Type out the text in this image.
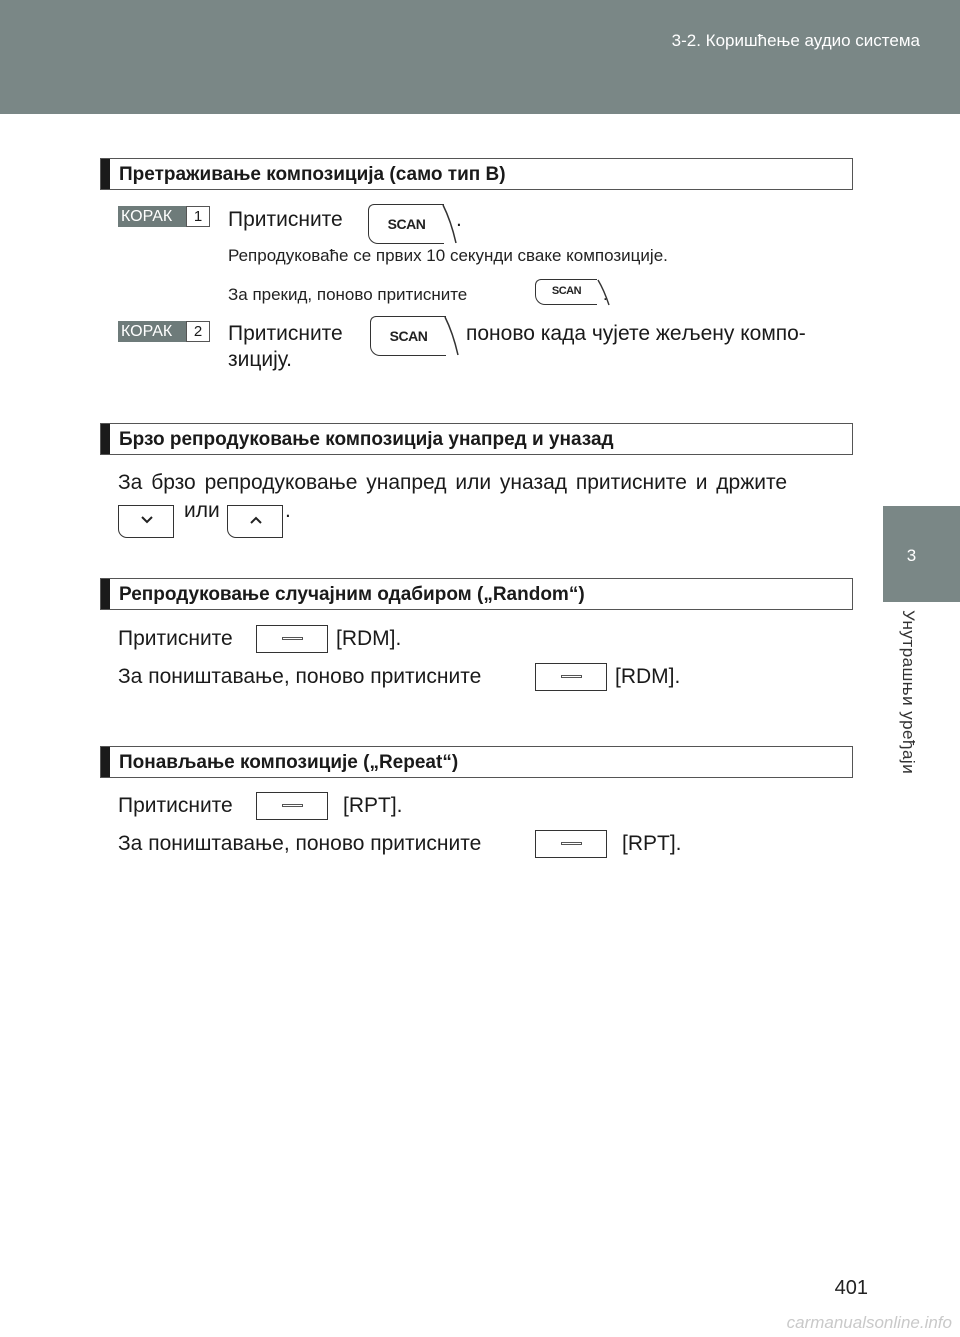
3-2. Коришћење аудио система
3
Унутрашњи уређаји
Претраживање композиција (само тип B)
КОРАК	1	Притисните	SCAN	.
Репродуковаће се првих 10 секунди сваке композиције.
За прекид, поново притисните	SCAN	.
КОРАК	2	Притисните	SCAN	поново када чујете жељену компо-
зицију.
Брзо репродуковање композиција унапред и уназад
За брзо репродуковање унапред или уназад притисните и држите
или	.
Репродуковање случајним одабиром („Random“)
Притисните	[RDM].
За поништавање, поново притисните	[RDM].
Понављање композиције („Repeat“)
Притисните	[RPT].
За поништавање, поново притисните	[RPT].
401
carmanualsonline.info
